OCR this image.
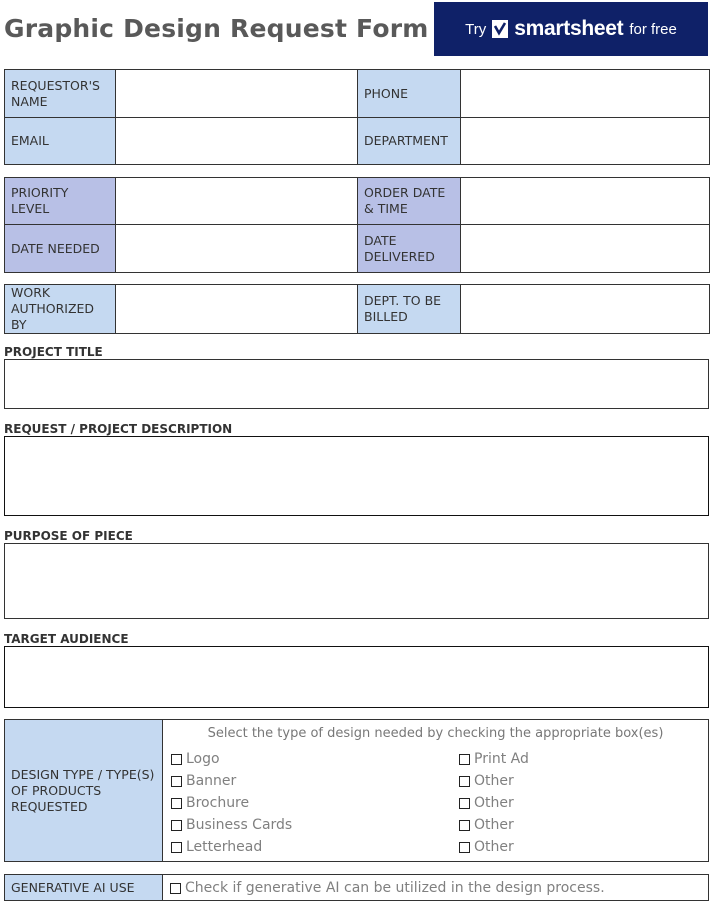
Graphic Design Request Form Try smartsheet for free
REQUESTOR'S NAME		PHONE	
EMAIL		DEPARTMENT	
PRIORITY LEVEL		ORDER DATE & TIME	
DATE NEEDED		DATE DELIVERED	
WORK AUTHORIZED BY		DEPT. TO BE BILLED	
PROJECT TITLE
REQUEST / PROJECT DESCRIPTION
PURPOSE OF PIECE
TARGET AUDIENCE
DESIGN TYPE / TYPE(S) OF PRODUCTS REQUESTED
Select the type of design needed by checking the appropriate box(es)
Logo
Banner
Brochure
Business Cards
Letterhead
Print Ad
Other
Other
Other
Other
GENERATIVE AI USE	Check if generative AI can be utilized in the design process.
